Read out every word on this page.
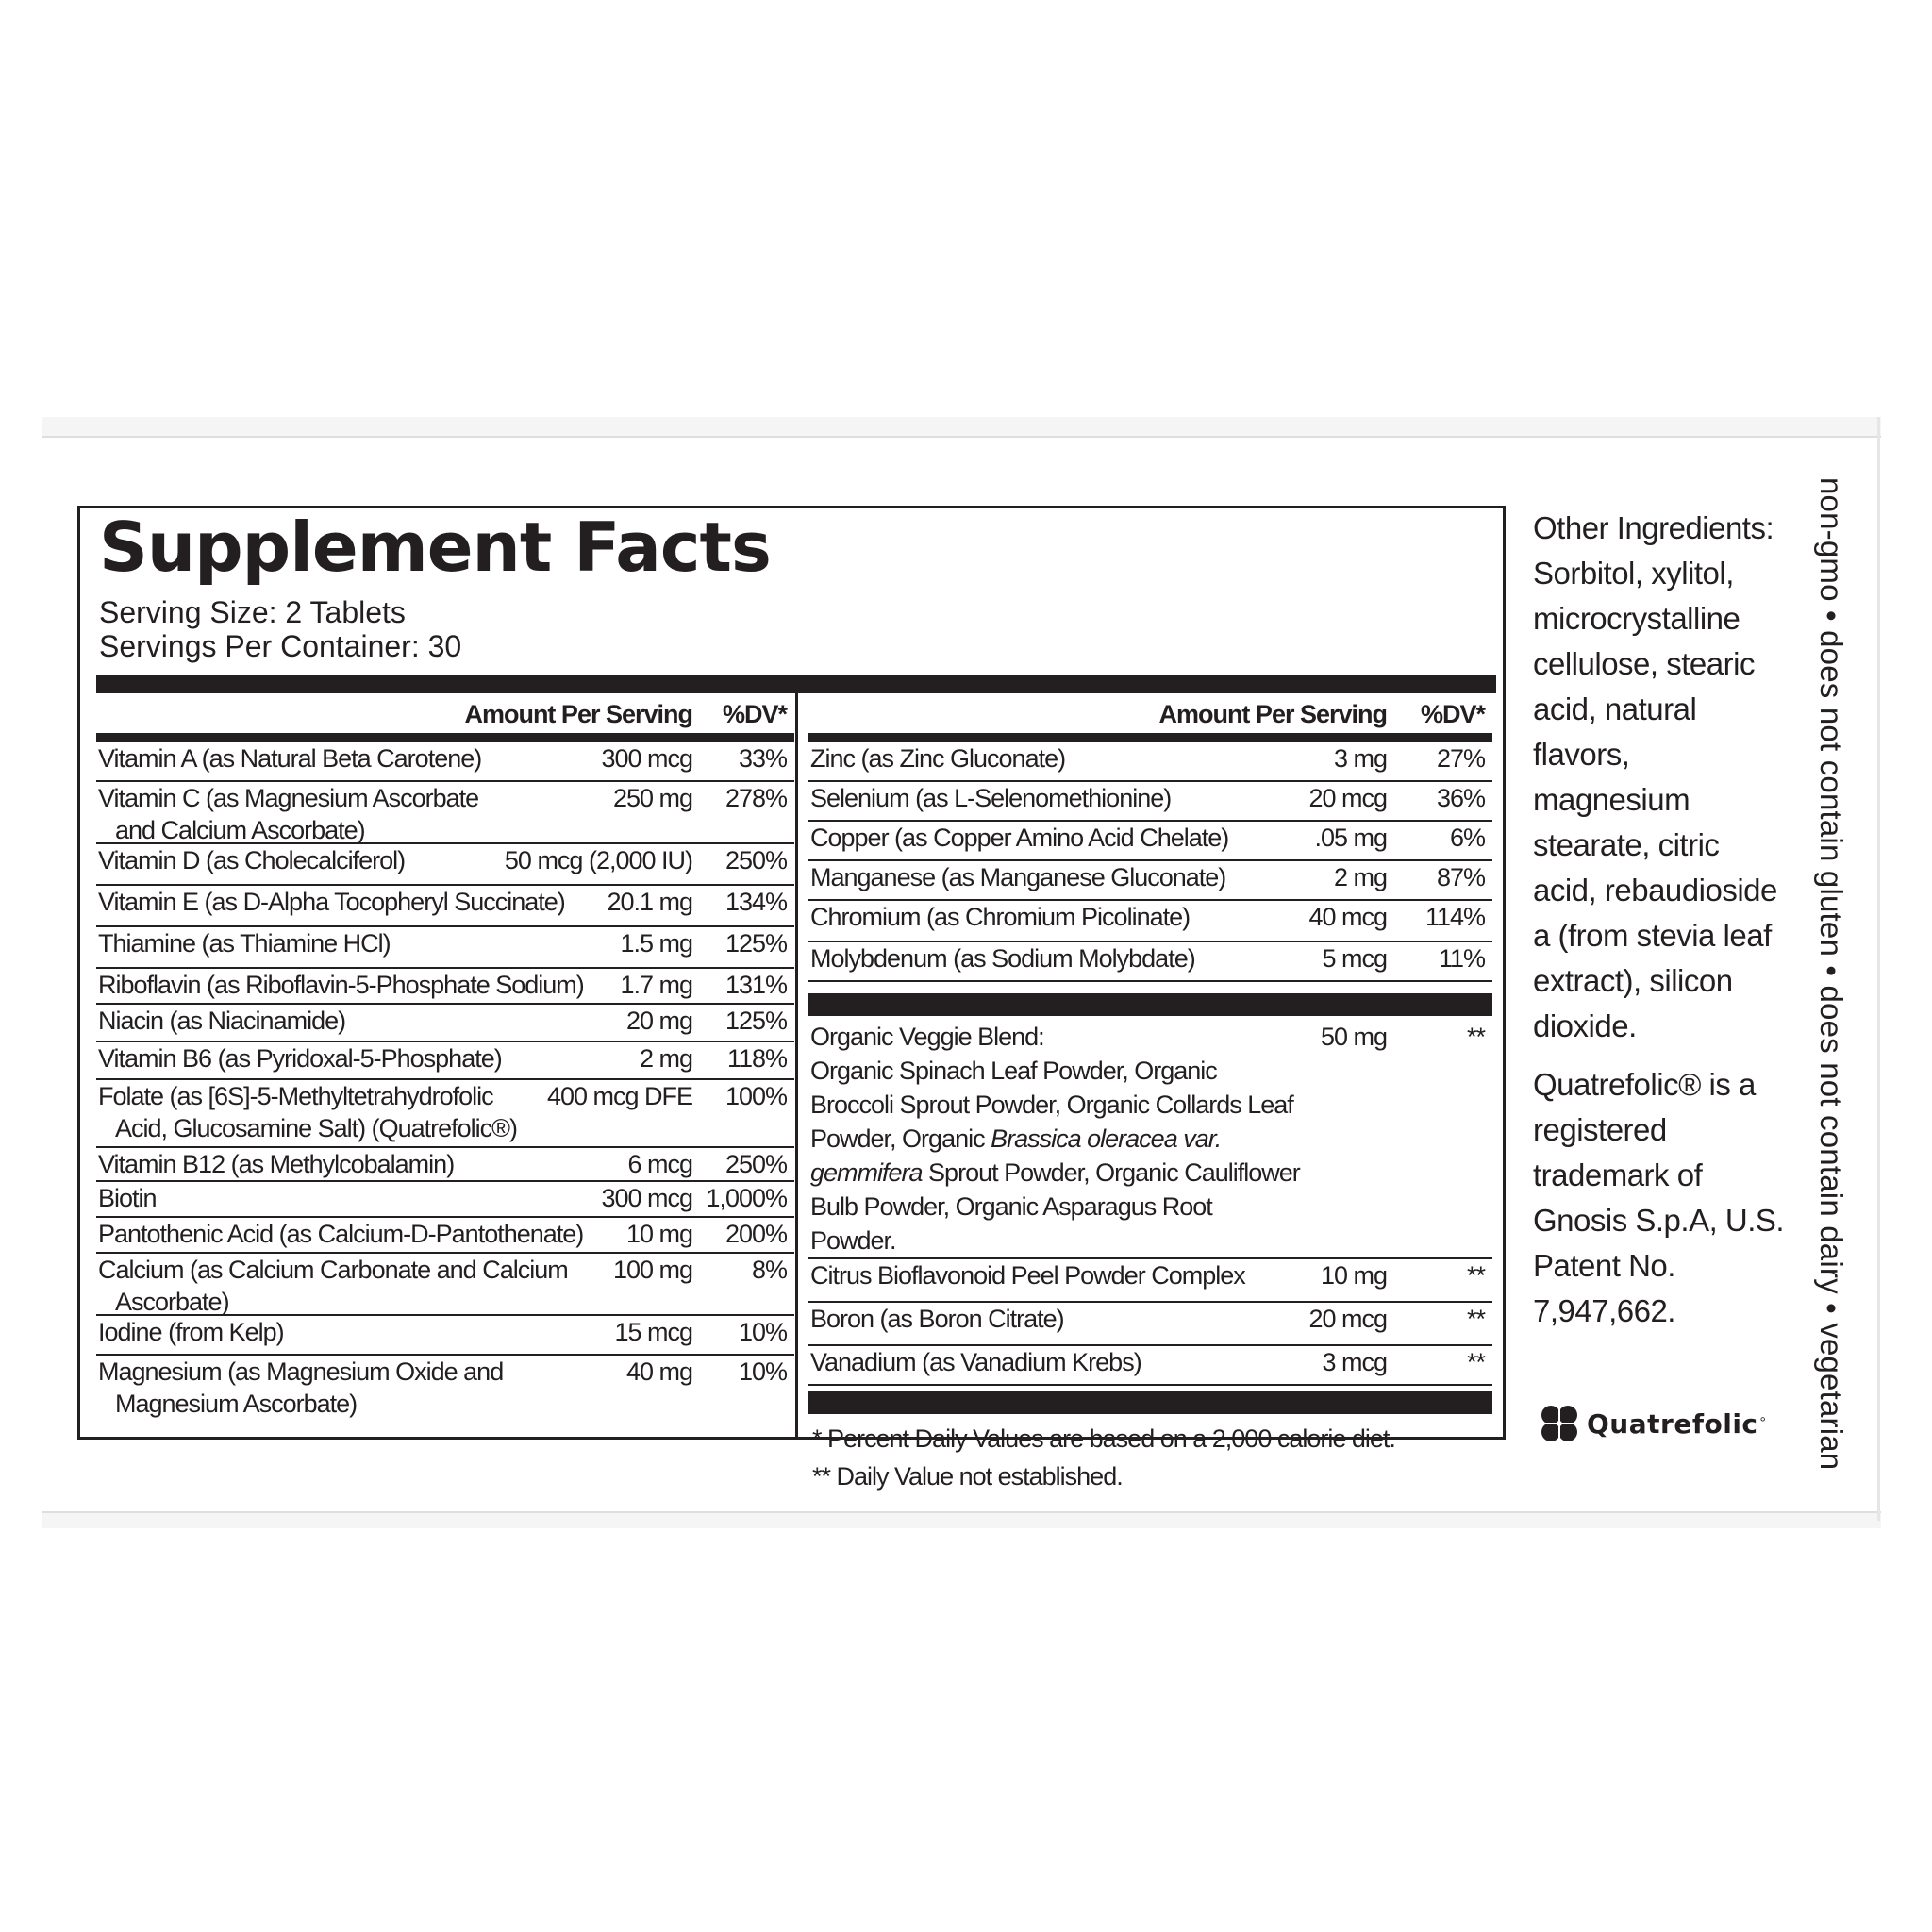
Supplement Facts
Serving Size: 2 Tablets
Servings Per Container: 30
Amount Per Serving %DV*
Vitamin A (as Natural Beta Carotene)	300 mcg 33%
Vitamin C (as Magnesium Ascorbate
and Calcium Ascorbate)
250 mg 278%
Vitamin D (as Cholecalciferol)	50 mcg (2,000 IU) 250%
Vitamin E (as D-Alpha Tocopheryl Succinate)	20.1 mg 134%
Thiamine (as Thiamine HCl)	1.5 mg 125%
Riboflavin (as Riboflavin-5-Phosphate Sodium)	1.7 mg 131%
Niacin (as Niacinamide)	20 mg 125%
Vitamin B6 (as Pyridoxal-5-Phosphate)	2 mg 118%
Folate (as [6S]-5-Methyltetrahydrofolic
Acid, Glucosamine Salt) (Quatrefolic®)
400 mcg DFE 100%
Vitamin B12 (as Methylcobalamin)	6 mcg 250%
Biotin	300 mcg 1,000%
Pantothenic Acid (as Calcium-D-Pantothenate)	10 mg 200%
Calcium (as Calcium Carbonate and Calcium
Ascorbate)
100 mg 8%
Iodine (from Kelp)	15 mcg 10%
Magnesium (as Magnesium Oxide and
Magnesium Ascorbate)
40 mg 10%
Amount Per Serving %DV*
Zinc (as Zinc Gluconate)	3 mg 27%
Selenium (as L-Selenomethionine)	20 mcg 36%
Copper (as Copper Amino Acid Chelate)	.05 mg 6%
Manganese (as Manganese Gluconate)	2 mg 87%
Chromium (as Chromium Picolinate)	40 mcg 114%
Molybdenum (as Sodium Molybdate)	5 mcg 11%
Organic Veggie Blend:
Organic Spinach Leaf Powder, Organic Broccoli Sprout Powder, Organic Collards Leaf Powder, Organic Brassica oleracea var. gemmifera Sprout Powder, Organic Cauliflower Bulb Powder, Organic Asparagus Root Powder.
50 mg	**
Citrus Bioflavonoid Peel Powder Complex	10 mg	**
Boron (as Boron Citrate)	20 mcg	**
Vanadium (as Vanadium Krebs)	3 mcg	**
* Percent Daily Values are based on a 2,000 calorie diet.
** Daily Value not established.

Other Ingredients: Sorbitol, xylitol, microcrystalline cellulose, stearic acid, natural flavors, magnesium stearate, citric acid, rebaudioside a (from stevia leaf extract), silicon dioxide.

Quatrefolic® is a registered trademark of Gnosis S.p.A, U.S. Patent No. 7,947,662.

Quatrefolic ° non-gmo • does not contain gluten • does not contain dairy • vegetarian
